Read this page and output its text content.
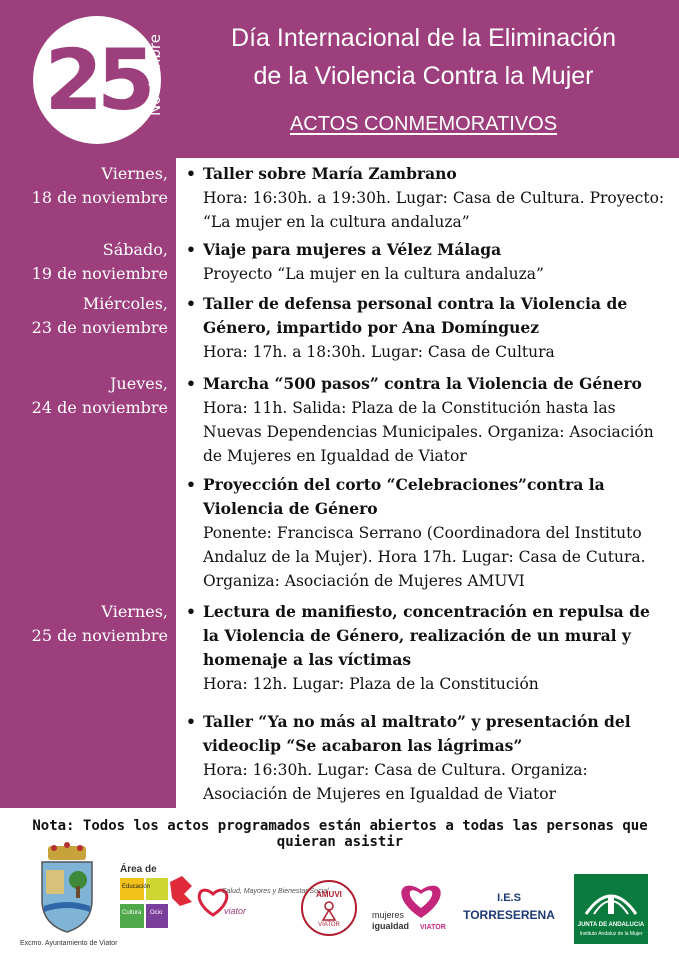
25
Noviembre	Día Internacional de la Eliminación
de la Violencia Contra la Mujer
ACTOS CONMEMORATIVOS
Viernes,
18 de noviembre
Sábado,
19 de noviembre
Miércoles,
23 de noviembre
Jueves,
24 de noviembre
Viernes,
25 de noviembre
• Taller sobre María Zambrano
Hora: 16:30h. a 19:30h. Lugar: Casa de Cultura. Proyecto: “La mujer en la cultura andaluza”
• Viaje para mujeres a Vélez Málaga
Proyecto “La mujer en la cultura andaluza”
• Taller de defensa personal contra la Violencia de Género, impartido por Ana Domínguez
Hora: 17h. a 18:30h. Lugar: Casa de Cultura
• Marcha “500 pasos” contra la Violencia de Género
Hora: 11h. Salida: Plaza de la Constitución hasta las Nuevas Dependencias Municipales. Organiza: Asociación de Mujeres en Igualdad de Viator
• Proyección del corto “Celebraciones”contra la Violencia de Género
Ponente: Francisca Serrano (Coordinadora del Instituto Andaluz de la Mujer). Hora 17h. Lugar: Casa de Cutura. Organiza: Asociación de Mujeres AMUVI
• Lectura de manifiesto, concentración en repulsa de la Violencia de Género, realización de un mural y homenaje a las víctimas
Hora: 12h. Lugar: Plaza de la Constitución
• Taller “Ya no más al maltrato” y presentación del videoclip “Se acabaron las lágrimas”
Hora: 16:30h. Lugar: Casa de Cultura. Organiza: Asociación de Mujeres en Igualdad de Viator
Nota: Todos los actos programados están abiertos a todas las personas que quieran asistir
Excmo. Ayuntamiento de Viator
Área de
Educación
Cultura Ocio
Salud, Mayores y Bienestar Social
viator
AMUVI
VIATOR
mujeres
igualdad VIATOR
I.E.S
TORRESERENA
JUNTA DE ANDALUCIA
Instituto Andaluz de la Mujer
